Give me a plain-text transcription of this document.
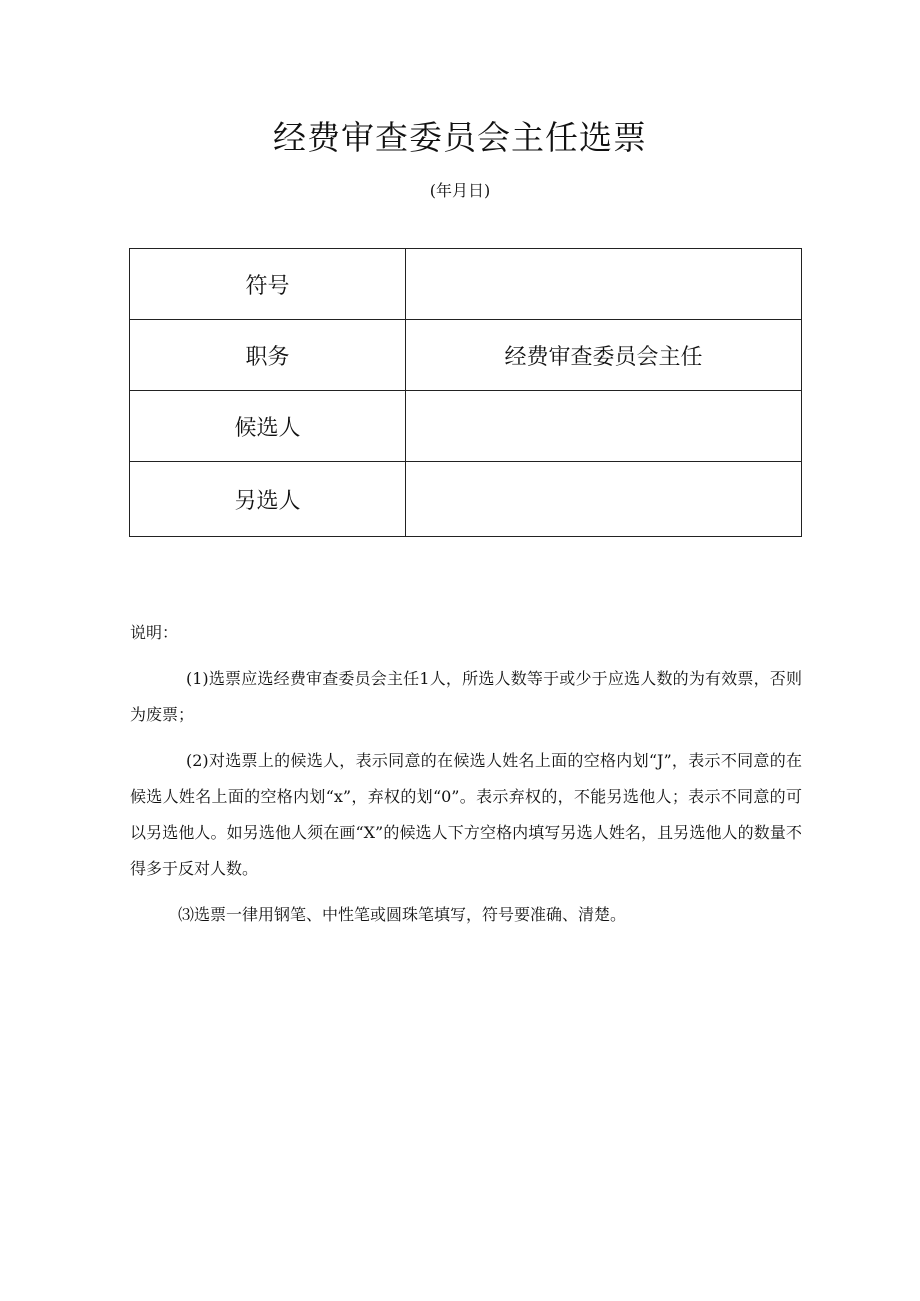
经费审查委员会主任选票
(年月日)
符号	
职务	经费审查委员会主任
候选人	
另选人	

说明：

(1)选票应选经费审查委员会主任1人，所选人数等于或少于应选人数的为有效票，否则为废票；

(2)对选票上的候选人，表示同意的在候选人姓名上面的空格内划“J”，表示不同意的在候选人姓名上面的空格内划“x”，弃权的划“0”。表示弃权的，不能另选他人；表示不同意的可以另选他人。如另选他人须在画“X”的候选人下方空格内填写另选人姓名，且另选他人的数量不得多于反对人数。

⑶选票一律用钢笔、中性笔或圆珠笔填写，符号要准确、清楚。
